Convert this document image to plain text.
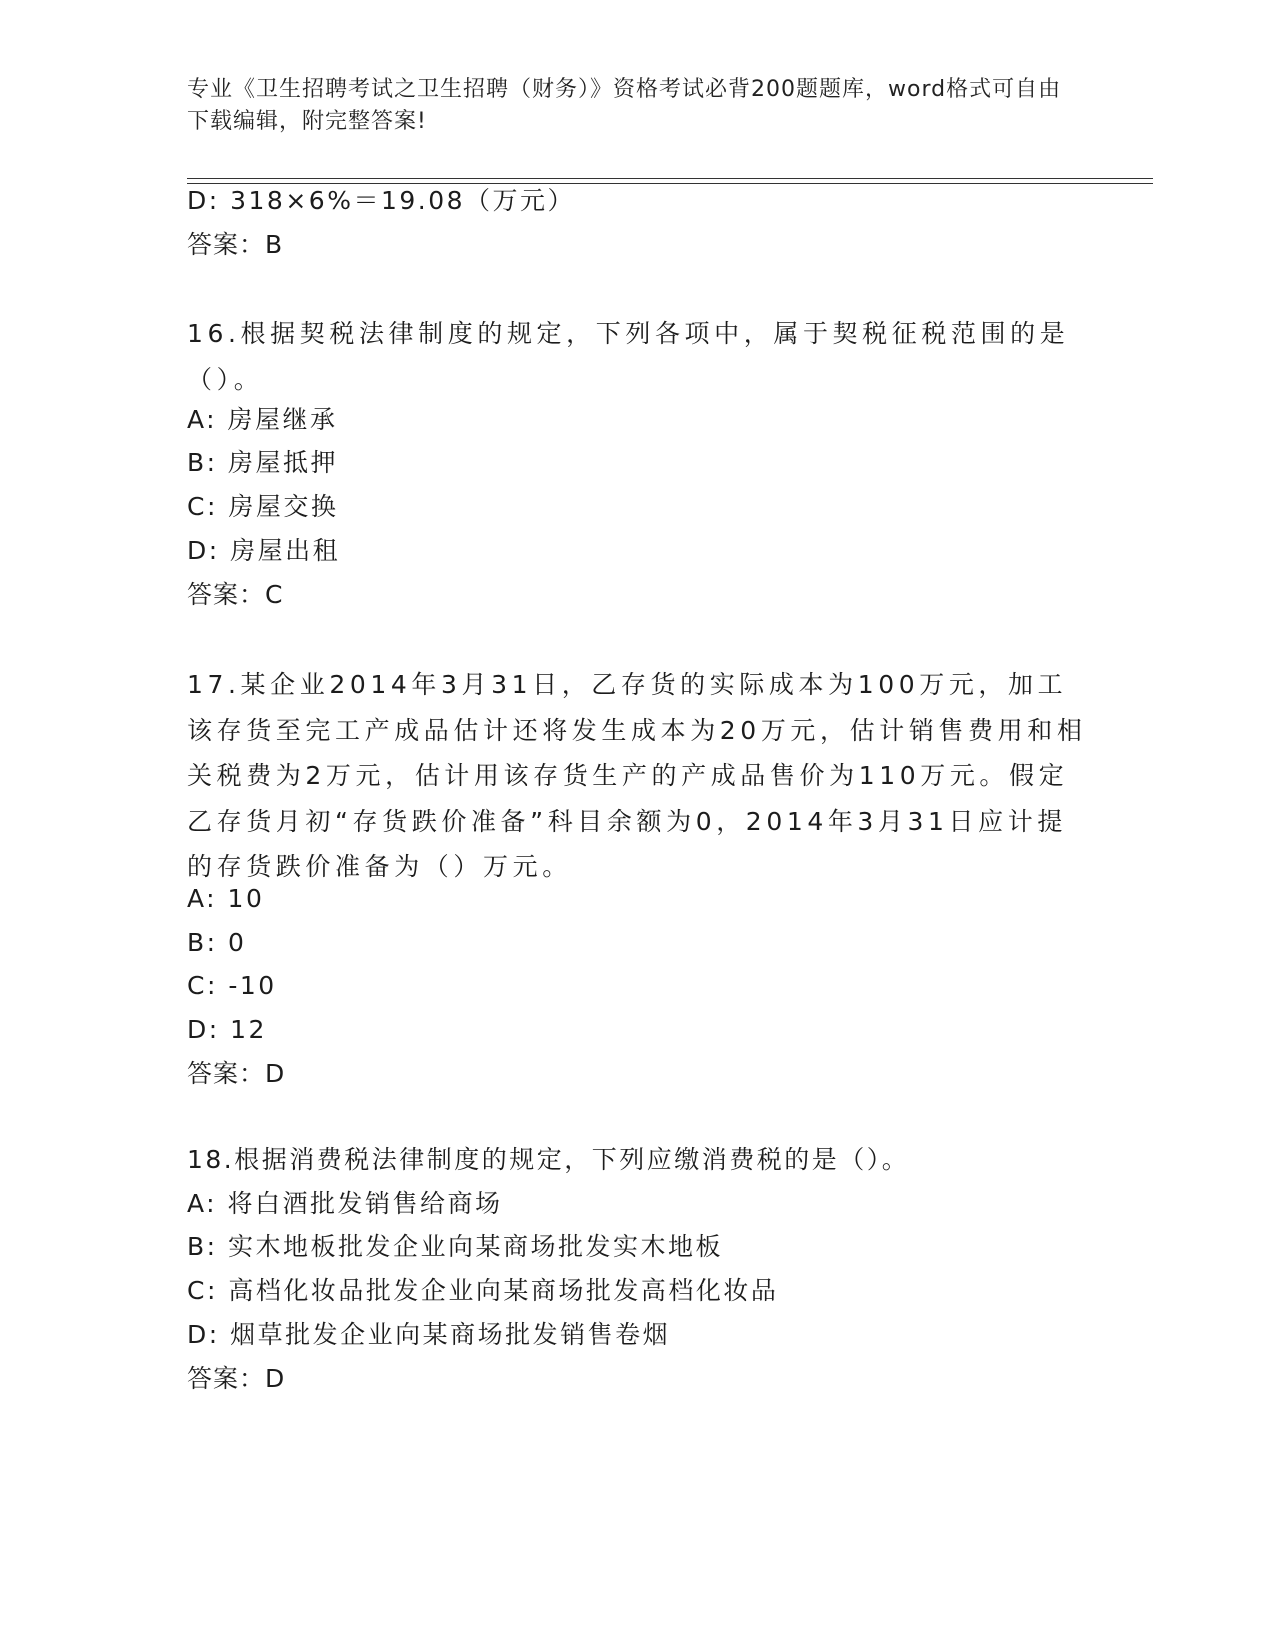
专业《卫生招聘考试之卫生招聘（财务）》资格考试必背200题题库，word格式可自由下载编辑，附完整答案!
D: 318×6%＝19.08（万元）
答案：B
16.根据契税法律制度的规定，下列各项中，属于契税征税范围的是（）。
A: 房屋继承
B: 房屋抵押
C: 房屋交换
D: 房屋出租
答案：C
17.某企业2014年3月31日，乙存货的实际成本为100万元，加工该存货至完工产成品估计还将发生成本为20万元，估计销售费用和相关税费为2万元，估计用该存货生产的产成品售价为110万元。假定乙存货月初“存货跌价准备”科目余额为0，2014年3月31日应计提的存货跌价准备为（）万元。
A: 10
B: 0
C: -10
D: 12
答案：D
18.根据消费税法律制度的规定，下列应缴消费税的是（）。
A: 将白酒批发销售给商场
B: 实木地板批发企业向某商场批发实木地板
C: 高档化妆品批发企业向某商场批发高档化妆品
D: 烟草批发企业向某商场批发销售卷烟
答案：D
